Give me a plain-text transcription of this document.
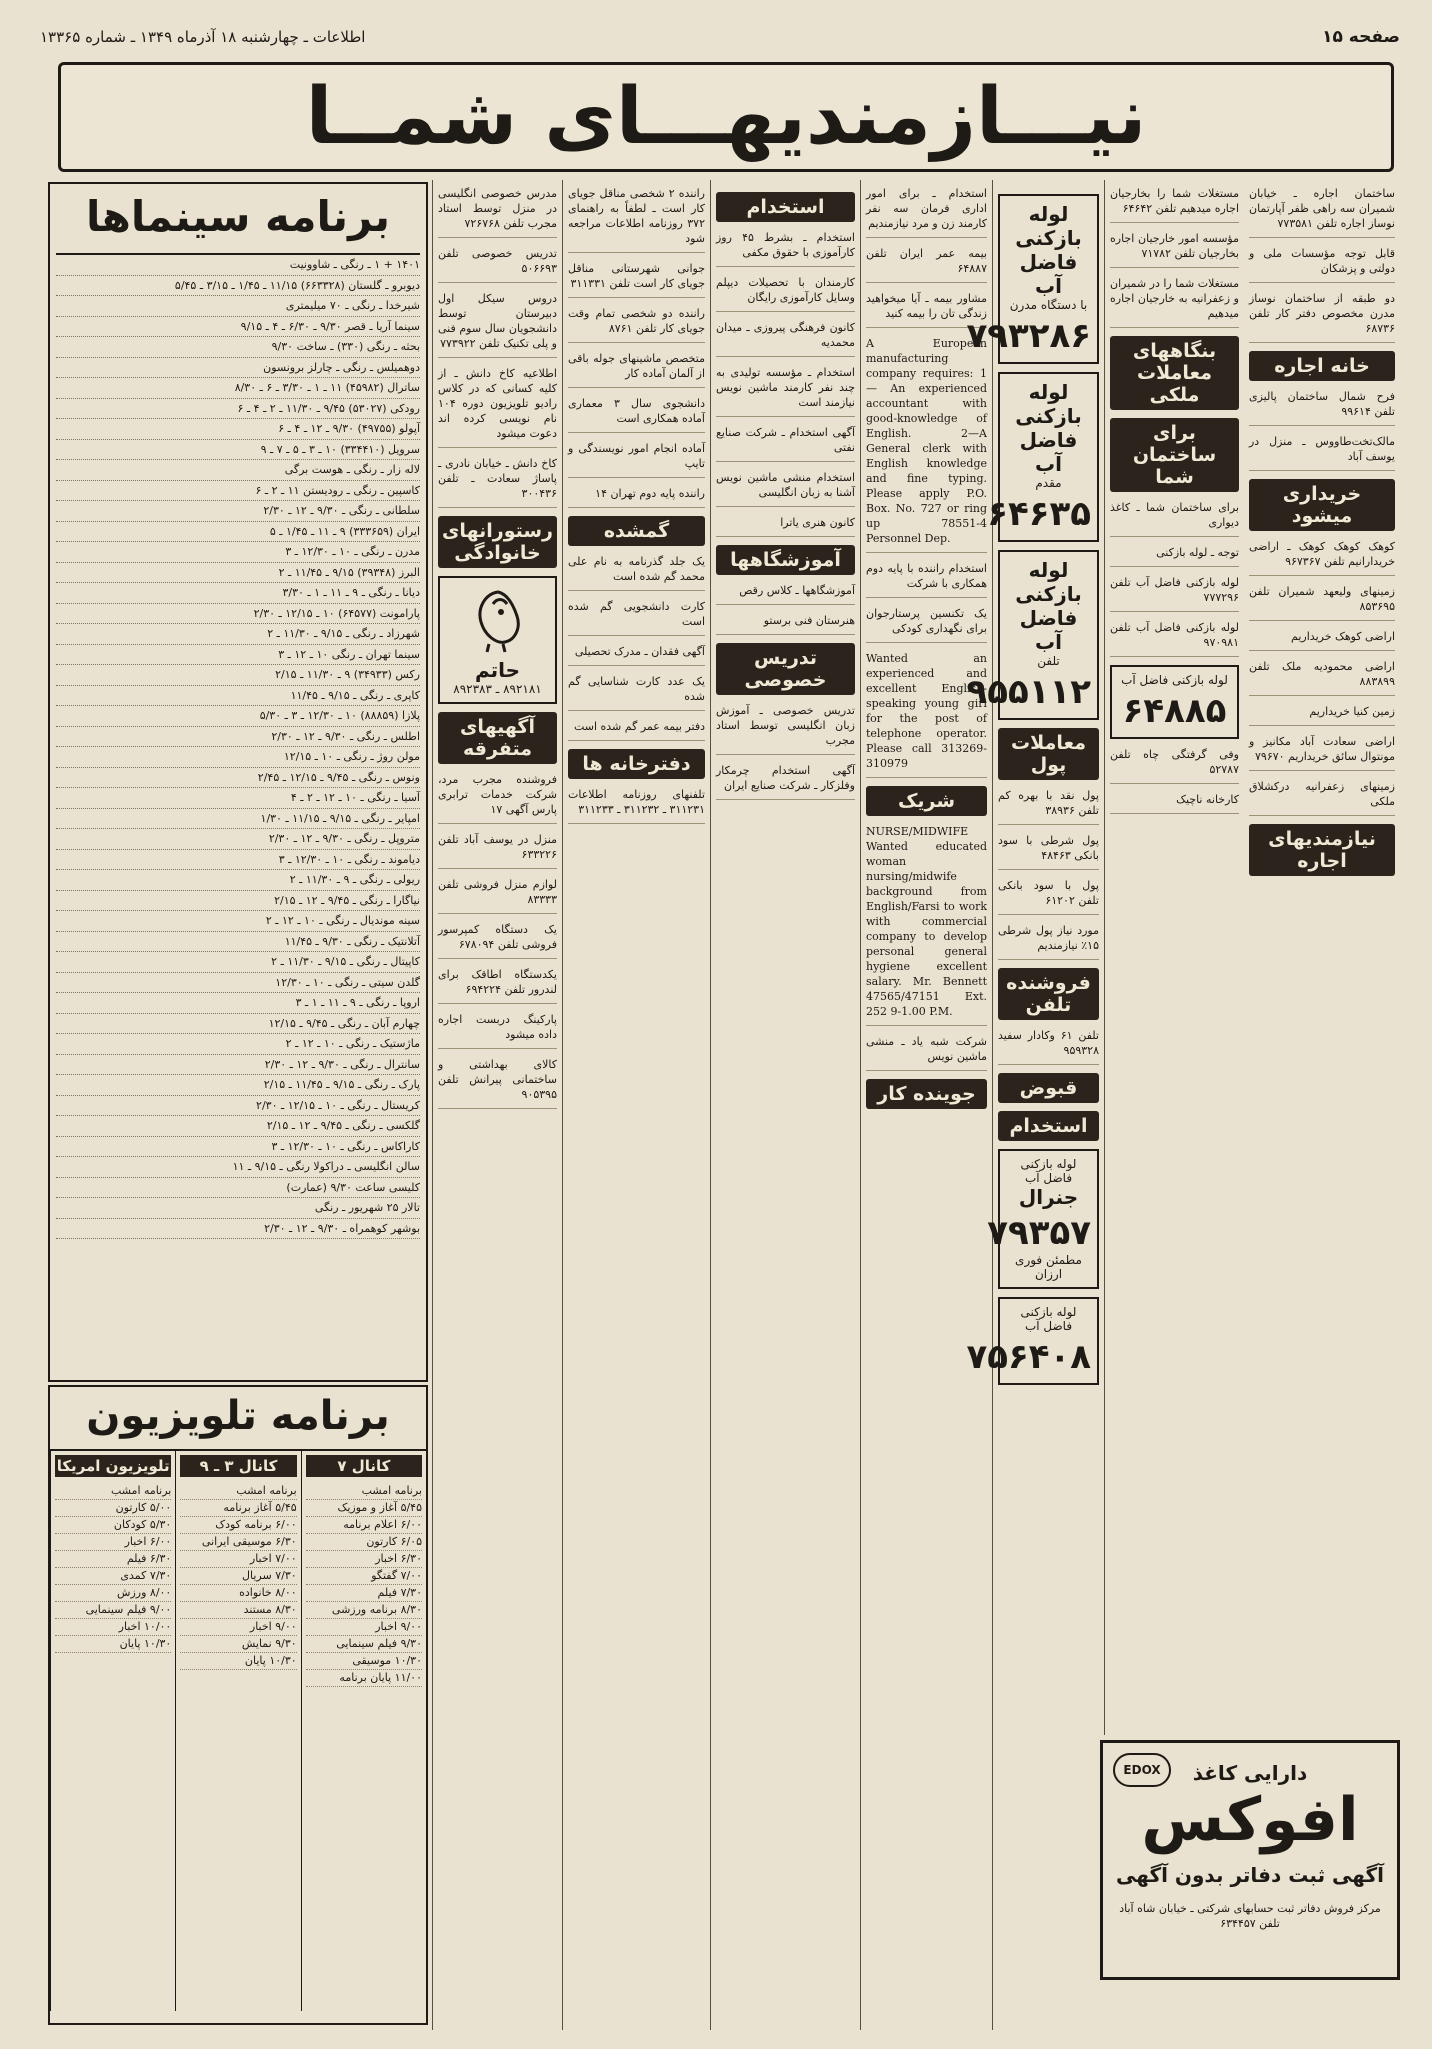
صفحه ۱۵
اطلاعات ـ چهارشنبه ۱۸ آذرماه ۱۳۴۹ ـ شماره ۱۳۳۶۵
نیـــازمندیهـــای شمــا
برنامه سینماها
۱۴۰۱ + ۱ ـ رنگی ـ شاوونیت
دیوبرو ـ گلستان (۶۶۳۳۲۸) ۱۱/۱۵ ـ ۱/۴۵ ـ ۳/۱۵ ـ ۵/۴۵
شیرخدا ـ رنگی ـ ۷۰ میلیمتری
سینما آریا ـ قصر ۹/۳۰ ـ ۶/۳۰ ـ ۴ ـ ۹/۱۵
بحثه ـ رنگی (۳۳۰) ـ ساخت ۹/۳۰
دوهمیلس ـ رنگی ـ چارلز برونسون
ساترال (۴۵۹۸۲) ۱۱ ـ ۱ ـ ۳/۳۰ ـ ۶ ـ ۸/۳۰
رودکی (۵۳۰۲۷) ۹/۴۵ ـ ۱۱/۳۰ ـ ۲ ـ ۴ ـ ۶
آپولو (۴۹۷۵۵) ۹/۳۰ ـ ۱۲ ـ ۴ ـ ۶
سرویل (۳۳۴۴۱۰) ۱۰ ـ ۳ ـ ۵ ـ ۷ ـ ۹
لاله زار ـ رنگی ـ هوست برگی
کاسپین ـ رنگی ـ رودیستن ۱۱ ـ ۲ ـ ۶
سلطانی ـ رنگی ـ ۹/۳۰ ـ ۱۲ ـ ۲/۳۰
ایران (۳۳۳۶۵۹) ۹ ـ ۱۱ ـ ۱/۴۵ ـ ۵
مدرن ـ رنگی ـ ۱۰ ـ ۱۲/۳۰ ـ ۳
البرز (۳۹۳۴۸) ۹/۱۵ ـ ۱۱/۴۵ ـ ۲
دیانا ـ رنگی ـ ۹ ـ ۱۱ ـ ۱ ـ ۳/۳۰
پارامونت (۶۴۵۷۷) ۱۰ ـ ۱۲/۱۵ ـ ۲/۳۰
شهرزاد ـ رنگی ـ ۹/۱۵ ـ ۱۱/۳۰ ـ ۲
سینما تهران ـ رنگی ۱۰ ـ ۱۲ ـ ۳
رکس (۳۴۹۳۳) ۹ ـ ۱۱/۳۰ ـ ۲/۱۵
کاپری ـ رنگی ـ ۹/۱۵ ـ ۱۱/۴۵
پلازا (۸۸۸۵۹) ۱۰ ـ ۱۲/۳۰ ـ ۳ ـ ۵/۳۰
اطلس ـ رنگی ـ ۹/۳۰ ـ ۱۲ ـ ۲/۳۰
مولن روژ ـ رنگی ـ ۱۰ ـ ۱۲/۱۵
ونوس ـ رنگی ـ ۹/۴۵ ـ ۱۲/۱۵ ـ ۲/۴۵
آسیا ـ رنگی ـ ۱۰ ـ ۱۲ ـ ۲ ـ ۴
امپایر ـ رنگی ـ ۹/۱۵ ـ ۱۱/۱۵ ـ ۱/۳۰
متروپل ـ رنگی ـ ۹/۳۰ ـ ۱۲ ـ ۲/۳۰
دیاموند ـ رنگی ـ ۱۰ ـ ۱۲/۳۰ ـ ۳
ریولی ـ رنگی ـ ۹ ـ ۱۱/۳۰ ـ ۲
نیاگارا ـ رنگی ـ ۹/۴۵ ـ ۱۲ ـ ۲/۱۵
سینه موندیال ـ رنگی ـ ۱۰ ـ ۱۲ ـ ۲
آتلانتیک ـ رنگی ـ ۹/۳۰ ـ ۱۱/۴۵
کاپیتال ـ رنگی ـ ۹/۱۵ ـ ۱۱/۳۰ ـ ۲
گلدن سیتی ـ رنگی ـ ۱۰ ـ ۱۲/۳۰
اروپا ـ رنگی ـ ۹ ـ ۱۱ ـ ۱ ـ ۳
چهارم آبان ـ رنگی ـ ۹/۴۵ ـ ۱۲/۱۵
ماژستیک ـ رنگی ـ ۱۰ ـ ۱۲ ـ ۲
سانترال ـ رنگی ـ ۹/۳۰ ـ ۱۲ ـ ۲/۳۰
پارک ـ رنگی ـ ۹/۱۵ ـ ۱۱/۴۵ ـ ۲/۱۵
کریستال ـ رنگی ـ ۱۰ ـ ۱۲/۱۵ ـ ۲/۳۰
گلکسی ـ رنگی ـ ۹/۴۵ ـ ۱۲ ـ ۲/۱۵
کاراکاس ـ رنگی ـ ۱۰ ـ ۱۲/۳۰ ـ ۳
سالن انگلیسی ـ دراکولا رنگی ـ ۹/۱۵ ـ ۱۱
کلیسی ساعت ۹/۳۰ (عمارت)
تالار ۲۵ شهریور ـ رنگی
بوشهر کوهمراه ـ ۹/۳۰ ـ ۱۲ ـ ۲/۳۰
برنامه تلویزیون
کانال ۷
برنامه امشب
۵/۴۵ آغاز و موزیک
۶/۰۰ اعلام برنامه
۶/۰۵ کارتون
۶/۳۰ اخبار
۷/۰۰ گفتگو
۷/۳۰ فیلم
۸/۳۰ برنامه ورزشی
۹/۰۰ اخبار
۹/۳۰ فیلم سینمایی
۱۰/۳۰ موسیقی
۱۱/۰۰ پایان برنامه
کانال ۳ ـ ۹
برنامه امشب
۵/۴۵ آغاز برنامه
۶/۰۰ برنامه کودک
۶/۳۰ موسیقی ایرانی
۷/۰۰ اخبار
۷/۳۰ سریال
۸/۰۰ خانواده
۸/۳۰ مستند
۹/۰۰ اخبار
۹/۳۰ نمایش
۱۰/۳۰ پایان
تلویزیون امریکا
برنامه امشب
۵/۰۰ کارتون
۵/۳۰ کودکان
۶/۰۰ اخبار
۶/۳۰ فیلم
۷/۳۰ کمدی
۸/۰۰ ورزش
۹/۰۰ فیلم سینمایی
۱۰/۰۰ اخبار
۱۰/۳۰ پایان
مدرس خصوصی انگلیسی در منزل توسط استاد مجرب تلفن ۷۲۶۷۶۸
تدریس خصوصی تلفن ۵۰۶۶۹۳
دروس سیکل اول دبیرستان توسط دانشجویان سال سوم فنی و پلی تکنیک تلفن ۷۷۳۹۲۲
اطلاعیه کاخ دانش ـ از کلیه کسانی که در کلاس رادیو تلویزیون دوره ۱۰۴ نام نویسی کرده اند دعوت میشود
کاخ دانش ـ خیابان نادری ـ پاساژ سعادت ـ تلفن ۳۰۰۴۳۶
رستورانهای خانوادگی
حاتم
۸۹۲۱۸۱ ـ ۸۹۲۳۸۳
آگهیهای متفرقه
فروشنده مجرب مرد، شرکت خدمات ترابری پارس آگهی ۱۷
منزل در یوسف آباد تلفن ۶۳۳۲۲۶
لوازم منزل فروشی تلفن ۸۳۳۳۳
یک دستگاه کمپرسور فروشی تلفن ۶۷۸۰۹۴
یکدستگاه اطاقک برای لندرور تلفن ۶۹۴۲۲۴
پارکینگ دربست اجاره داده میشود
کالای بهداشتی و ساختمانی پیرانش تلفن ۹۰۵۳۹۵
راننده ۲ شخصی مناقل جویای کار است ـ لطفاً به راهنمای ۳۷۲ روزنامه اطلاعات مراجعه شود
جوانی شهرستانی مناقل جویای کار است تلفن ۳۱۱۳۳۱
راننده دو شخصی تمام وقت جویای کار تلفن ۸۷۶۱
متخصص ماشینهای جوله باقی از آلمان آماده کار
دانشجوی سال ۳ معماری آماده همکاری است
آماده انجام امور نویسندگی و تایپ
راننده پایه دوم تهران ۱۴
گمشده
یک جلد گذرنامه به نام علی محمد گم شده است
کارت دانشجویی گم شده است
آگهی فقدان ـ مدرک تحصیلی
یک عدد کارت شناسایی گم شده
دفتر بیمه عمر گم شده است
دفترخانه ها
تلفنهای روزنامه اطلاعات ۳۱۱۲۳۱ ـ ۳۱۱۲۳۲ ـ ۳۱۱۲۳۳
استخدام
استخدام ـ بشرط ۴۵ روز کارآموزی با حقوق مکفی
کارمندان با تحصیلات دیپلم وسایل کارآموزی رایگان
کانون فرهنگی پیروزی ـ میدان محمدیه
استخدام ـ مؤسسه تولیدی به چند نفر کارمند ماشین نویس نیازمند است
آگهی استخدام ـ شرکت صنایع نفتی
استخدام منشی ماشین نویس آشنا به زبان انگلیسی
کانون هنری یاترا
آموزشگاهها
آموزشگاهها ـ کلاس رقص
هنرستان فنی برستو
تدریس خصوصی
تدریس خصوصی ـ آموزش زبان انگلیسی توسط استاد مجرب
آگهی استخدام چرمکار وفلزکار ـ شرکت صنایع ایران
استخدام ـ برای امور اداری فرمان سه نفر کارمند زن و مرد نیازمندیم
بیمه عمر ایران تلفن ۶۴۸۸۷
مشاور بیمه ـ آیا میخواهید زندگی تان را بیمه کنید
A European manufacturing company requires: 1 — An experienced accountant with good-knowledge of English. 2—A General clerk with English knowledge and fine typing. Please apply P.O. Box. No. 727 or ring up 78551-4 Personnel Dep.
استخدام راننده با پایه دوم همکاری با شرکت
یک تکنسین پرستارجوان برای نگهداری کودکی
Wanted an experienced and excellent English-speaking young girl for the post of telephone operator. Please call 313269-310979
شریک
NURSE/MIDWIFE Wanted educated woman nursing/midwife background from English/Farsi to work with commercial company to develop personal general hygiene excellent salary. Mr. Bennett 47565/47151 Ext. 252 9-1.00 P.M.
شرکت شبه یاد ـ منشی ماشین نویس
جوینده کار
لوله بازکنی فاضل آب
با دستگاه مدرن
۷۹۳۲۸۶
لوله بازکنی فاضل آب
مقدم
۶۴۶۳۵
لوله بازکنی فاضل آب
تلفن
۹۵۵۱۱۲
معاملات پول
پول نقد با بهره کم تلفن ۳۸۹۳۶
پول شرطی با سود بانکی ۴۸۴۶۳
پول با سود بانکی تلفن ۶۱۲۰۲
مورد نیاز پول شرطی ۱۵٪ نیازمندیم
فروشنده تلفن
تلفن ۶۱ وکادار سفید ۹۵۹۳۲۸
قبوض
استخدام
لوله بازکنی فاضل آب
جنرال
۷۹۳۵۷
مطمئن فوری ارزان
لوله بازکنی فاضل آب
۷۵۶۴۰۸
مستغلات شما را بخارجیان اجاره میدهیم تلفن ۶۴۶۴۲
مؤسسه امور خارجیان اجاره بخارجیان تلفن ۷۱۷۸۲
مستغلات شما را در شمیران و زعفرانیه به خارجیان اجاره میدهیم
بنگاههای معاملات ملکی
برای ساختمان شما
برای ساختمان شما ـ کاغذ دیواری
توجه ـ لوله بازکنی
لوله بازکنی فاضل آب تلفن ۷۷۷۲۹۶
لوله بازکنی فاضل آب تلفن ۹۷۰۹۸۱
لوله بازکنی فاضل آب
۶۴۸۸۵
وفی گرفتگی چاه تلفن ۵۲۷۸۷
کارخانه ناچیک
ساختمان اجاره ـ خیابان شمیران سه راهی ظفر آپارتمان نوساز اجاره تلفن ۷۷۳۵۸۱
قابل توجه مؤسسات ملی و دولتی و پزشکان
دو طبقه از ساختمان نوساز مدرن مخصوص دفتر کار تلفن ۶۸۷۳۶
خانه اجاره
فرح شمال ساختمان پالیزی تلفن ۹۹۶۱۴
مالک‌تخت‌طاووس ـ منزل در یوسف آباد
خریداری میشود
کوهک کوهک کوهک ـ اراضی خریدارانیم تلفن ۹۶۷۳۶۷
زمینهای ولیعهد شمیران تلفن ۸۵۳۶۹۵
اراضی کوهک خریداریم
اراضی محمودیه ملک تلفن ۸۸۳۸۹۹
زمین کنیا خریداریم
اراضی سعادت آباد مکانیز و مونتوال سائق خریداریم ۷۹۶۷۰
زمینهای زعفرانیه درکشلاق ملکی
نیازمندیهای اجاره
EDOX	دارایی کاغذ
افوکس
آگهی ثبت دفاتر بدون آگهی
مرکز فروش دفاتر ثبت حسابهای شرکتی ـ خیابان شاه آباد تلفن ۶۳۴۴۵۷
